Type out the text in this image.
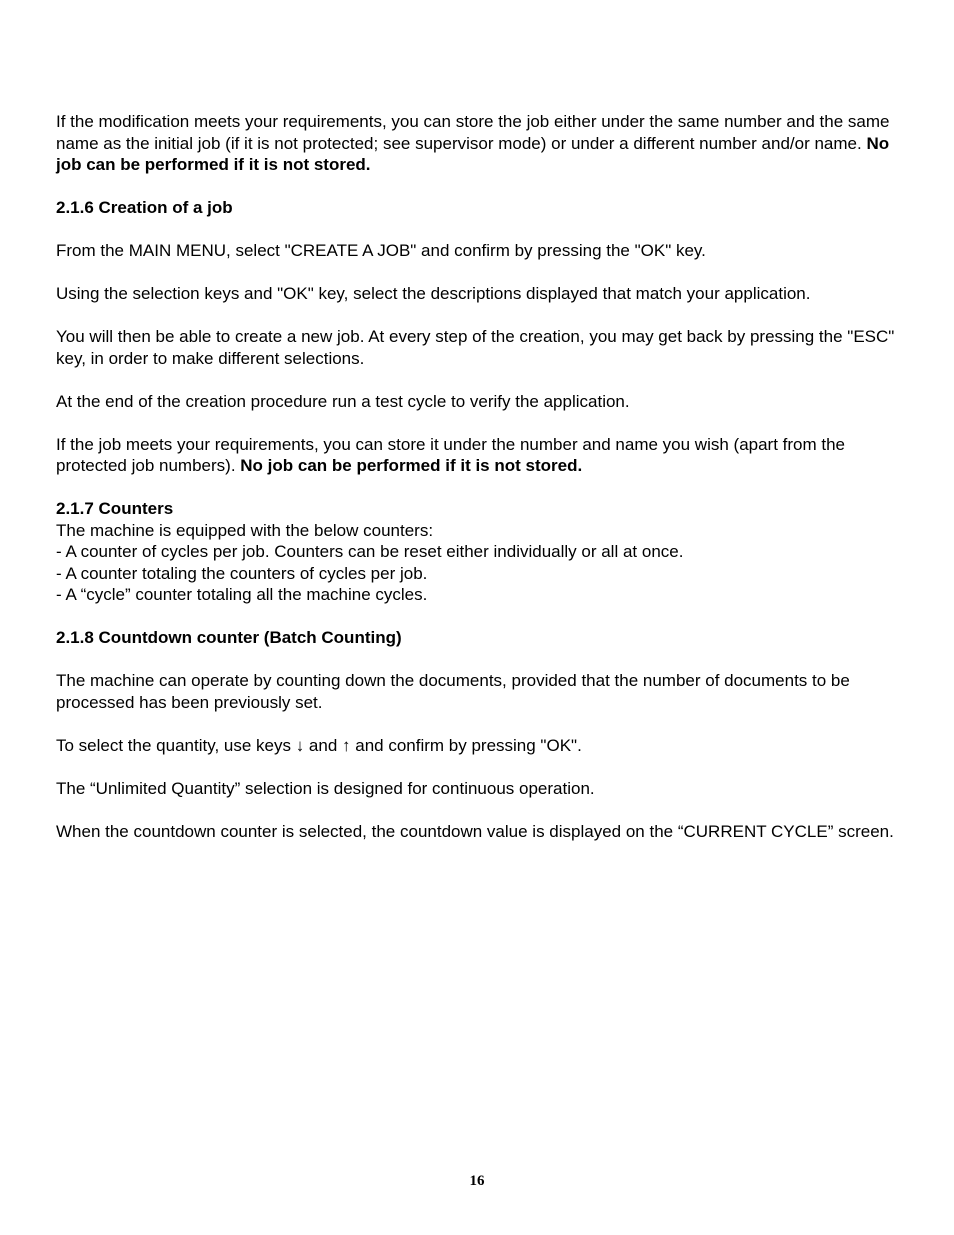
If the modification meets your requirements, you can store the job either under the same number and the same name as the initial job (if it is not protected; see supervisor mode) or under a different number and/or name. No job can be performed if it is not stored.

2.1.6 Creation of a job
From the MAIN MENU, select "CREATE A JOB" and confirm by pressing the "OK" key.
Using the selection keys and "OK" key, select the descriptions displayed that match your application.
You will then be able to create a new job. At every step of the creation, you may get back by pressing the "ESC" key, in order to make different selections.
At the end of the creation procedure run a test cycle to verify the application.

If the job meets your requirements, you can store it under the number and name you wish (apart from the protected job numbers). No job can be performed if it is not stored.

2.1.7 Counters

The machine is equipped with the below counters:

- A counter of cycles per job. Counters can be reset either individually or all at once.

- A counter totaling the counters of cycles per job.

- A “cycle” counter totaling all the machine cycles.

2.1.8 Countdown counter (Batch Counting)
The machine can operate by counting down the documents, provided that the number of documents to be processed has been previously set.
To select the quantity, use keys ↓ and ↑ and confirm by pressing "OK".
The “Unlimited Quantity” selection is designed for continuous operation.
When the countdown counter is selected, the countdown value is displayed on the “CURRENT CYCLE” screen.
16
